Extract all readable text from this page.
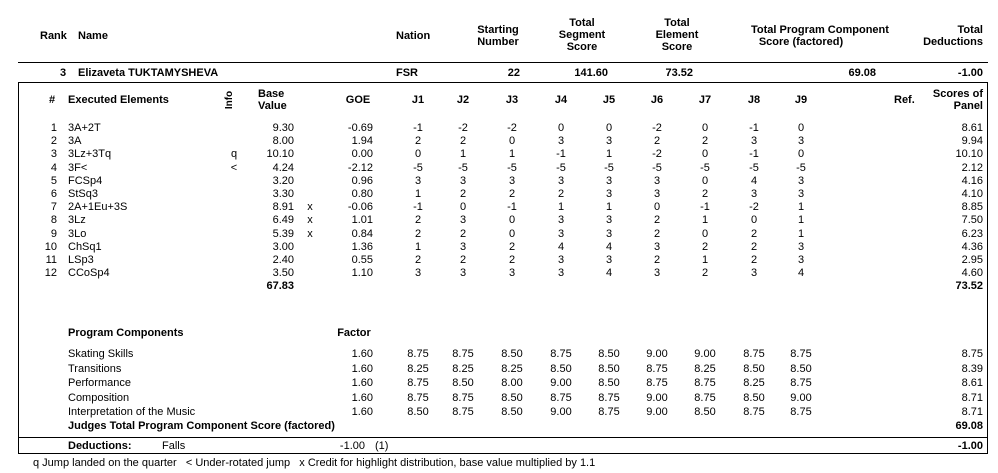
Rank Name	Nation	Starting
Number
Total
Segment
Score
Total
Element
Score
Total Program Component
Score (factored)
Total
Deductions
3 Elizaveta TUKTAMYSHEVA	FSR	22	141.60	73.52	69.08	-1.00
# Executed Elements	Info Base
Value	GOE	J1	J2	J3	J4	J5	J6	J7	J8	J9	Ref.	Scores of
Panel
1 3A+2T	9.30	-0.69	-1	-2	-2	0	0	-2	0	-1	0	8.61
2 3A	8.00	1.94	2	2	0	3	3	2	2	3	3	9.94
3 3Lz+3Tq	q	10.10	0.00	0	1	1	-1	1	-2	0	-1	0	10.10
4 3F<	<	4.24	-2.12	-5	-5	-5	-5	-5	-5	-5	-5	-5	2.12
5 FCSp4	3.20	0.96	3	3	3	3	3	3	0	4	3	4.16
6 StSq3	3.30	0.80	1	2	2	2	3	3	2	3	3	4.10
7 2A+1Eu+3S	8.91	x	-0.06	-1	0	-1	1	1	0	-1	-2	1	8.85
8 3Lz	6.49	x	1.01	2	3	0	3	3	2	1	0	1	7.50
9 3Lo	5.39	x	0.84	2	2	0	3	3	2	0	2	1	6.23
10 ChSq1	3.00	1.36	1	3	2	4	4	3	2	2	3	4.36
11 LSp3	2.40	0.55	2	2	2	3	3	2	1	2	3	2.95
12 CCoSp4	3.50	1.10	3	3	3	3	4	3	2	3	4	4.60
67.83	73.52
Program Components	Factor
Skating Skills	1.60	8.75	8.75	8.50	8.75	8.50	9.00	9.00	8.75	8.75	8.75
Transitions	1.60	8.25	8.25	8.25	8.50	8.50	8.75	8.25	8.50	8.50	8.39
Performance	1.60	8.75	8.50	8.00	9.00	8.50	8.75	8.75	8.25	8.75	8.61
Composition	1.60	8.75	8.75	8.50	8.75	8.75	9.00	8.75	8.50	9.00	8.71
Interpretation of the Music	1.60	8.50	8.75	8.50	9.00	8.75	9.00	8.50	8.75	8.75	8.71
Judges Total Program Component Score (factored)	69.08
Deductions:	Falls	-1.00 (1)	-1.00
q Jump landed on the quarter   < Under-rotated jump   x Credit for highlight distribution, base value multiplied by 1.1
